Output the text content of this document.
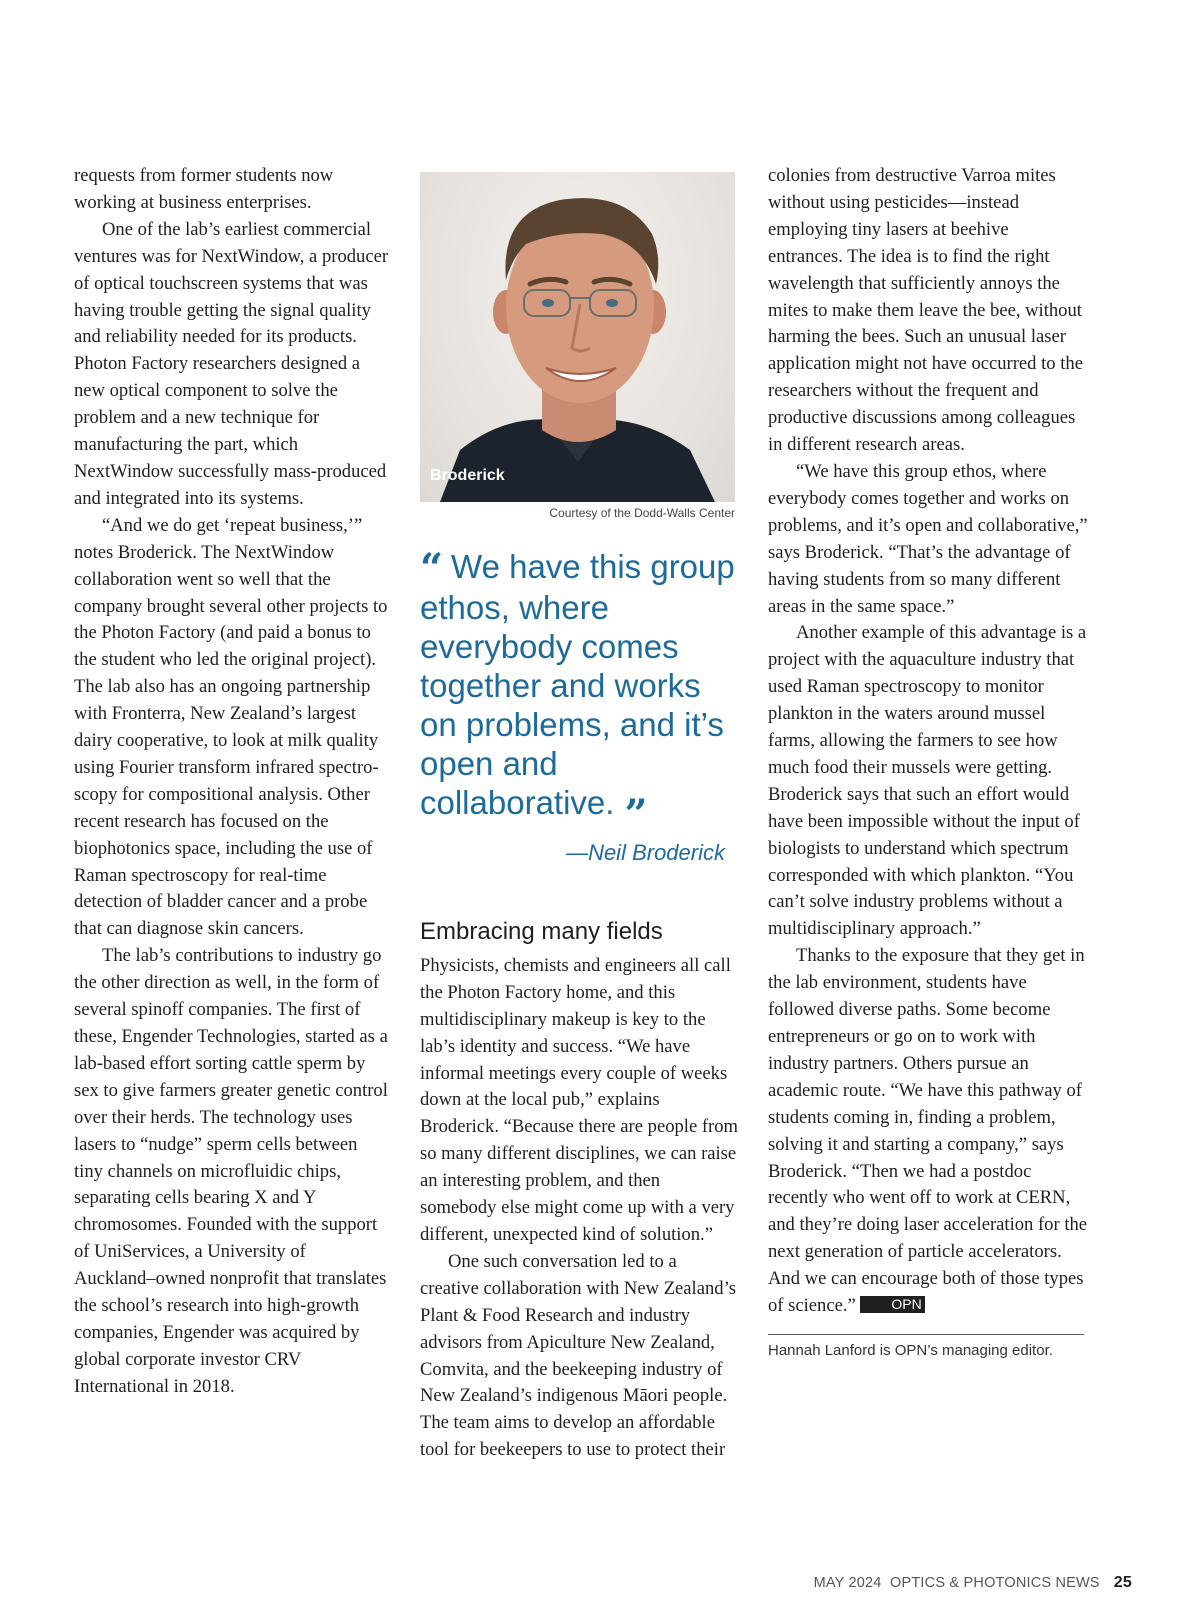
requests from former students now working at business enterprises.

One of the lab’s earliest commercial ventures was for NextWindow, a producer of optical touchscreen systems that was having trouble getting the signal quality and reliability needed for its products. Photon Factory researchers designed a new optical component to solve the problem and a new technique for manufacturing the part, which NextWindow successfully mass-produced and integrated into its systems.

“And we do get ‘repeat business,’” notes Broderick. The NextWindow collaboration went so well that the company brought several other projects to the Photon Factory (and paid a bonus to the student who led the original project). The lab also has an ongoing partnership with Fronterra, New Zealand’s largest dairy cooperative, to look at milk quality using Fourier transform infrared spectroscopy for compositional analysis. Other recent research has focused on the biophotonics space, including the use of Raman spectroscopy for real-time detection of bladder cancer and a probe that can diagnose skin cancers.

The lab’s contributions to industry go the other direction as well, in the form of several spinoff companies. The first of these, Engender Technologies, started as a lab-based effort sorting cattle sperm by sex to give farmers greater genetic control over their herds. The technology uses lasers to “nudge” sperm cells between tiny channels on microfluidic chips, separating cells bearing X and Y chromosomes. Founded with the support of UniServices, a University of Auckland–owned nonprofit that translates the school’s research into high-growth companies, Engender was acquired by global corporate investor CRV International in 2018.

Broderick
Courtesy of the Dodd-Walls Center
“ We have this group ethos, where everybody comes together and works on problems, and it’s open and collaborative. ”
—Neil Broderick
Embracing many fields

Physicists, chemists and engineers all call the Photon Factory home, and this multidisciplinary makeup is key to the lab’s identity and success. “We have informal meetings every couple of weeks down at the local pub,” explains Broderick. “Because there are people from so many different disciplines, we can raise an interesting problem, and then somebody else might come up with a very different, unexpected kind of solution.”

One such conversation led to a creative collaboration with New Zealand’s Plant & Food Research and industry advisors from Apiculture New Zealand, Comvita, and the beekeeping industry of New Zealand’s indigenous Māori people. The team aims to develop an affordable tool for beekeepers to use to protect their

colonies from destructive Varroa mites without using pesticides—instead employing tiny lasers at beehive entrances. The idea is to find the right wavelength that sufficiently annoys the mites to make them leave the bee, without harming the bees. Such an unusual laser application might not have occurred to the researchers without the frequent and productive discussions among colleagues in different research areas.

“We have this group ethos, where everybody comes together and works on problems, and it’s open and collaborative,” says Broderick. “That’s the advantage of having students from so many different areas in the same space.”

Another example of this advantage is a project with the aquaculture industry that used Raman spectroscopy to monitor plankton in the waters around mussel farms, allowing the farmers to see how much food their mussels were getting. Broderick says that such an effort would have been impossible without the input of biologists to understand which spectrum corresponded with which plankton. “You can’t solve industry problems without a multidisciplinary approach.”

Thanks to the exposure that they get in the lab environment, students have followed diverse paths. Some become entrepreneurs or go on to work with industry partners. Others pursue an academic route. “We have this pathway of students coming in, finding a problem, solving it and starting a company,” says Broderick. “Then we had a postdoc recently who went off to work at CERN, and they’re doing laser acceleration for the next generation of particle accelerators. And we can encourage both of those types of science.”	OPN

Hannah Lanford is OPN’s managing editor.
MAY 2024 OPTICS & PHOTONICS NEWS 25
